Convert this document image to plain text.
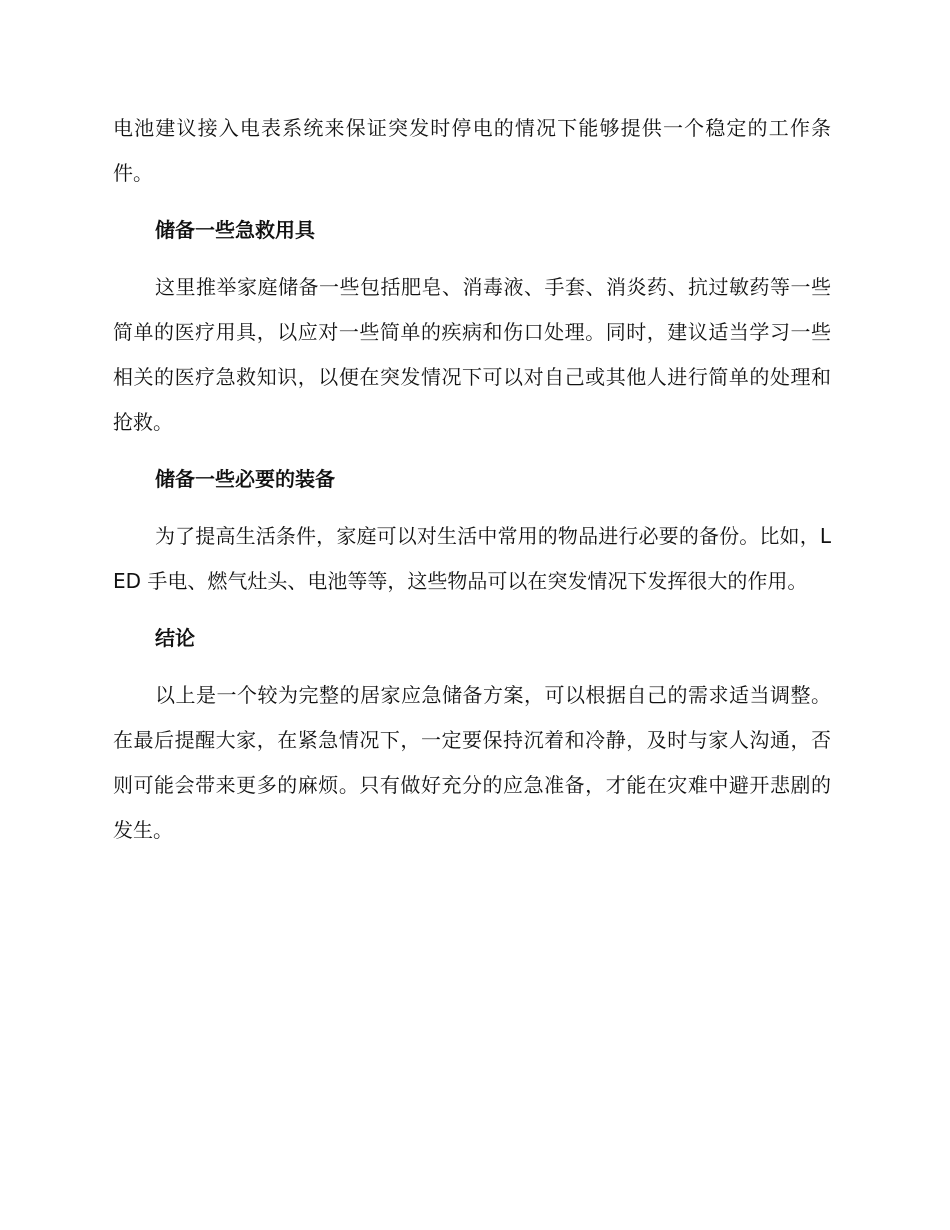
电池建议接入电表系统来保证突发时停电的情况下能够提供一个稳定的工作条件。

储备一些急救用具

这里推举家庭储备一些包括肥皂、消毒液、手套、消炎药、抗过敏药等一些简单的医疗用具，以应对一些简单的疾病和伤口处理。同时，建议适当学习一些相关的医疗急救知识，以便在突发情况下可以对自己或其他人进行简单的处理和抢救。

储备一些必要的装备

为了提高生活条件，家庭可以对生活中常用的物品进行必要的备份。比如，LED 手电、燃气灶头、电池等等，这些物品可以在突发情况下发挥很大的作用。

结论

以上是一个较为完整的居家应急储备方案，可以根据自己的需求适当调整。在最后提醒大家，在紧急情况下，一定要保持沉着和冷静，及时与家人沟通，否则可能会带来更多的麻烦。只有做好充分的应急准备，才能在灾难中避开悲剧的发生。
